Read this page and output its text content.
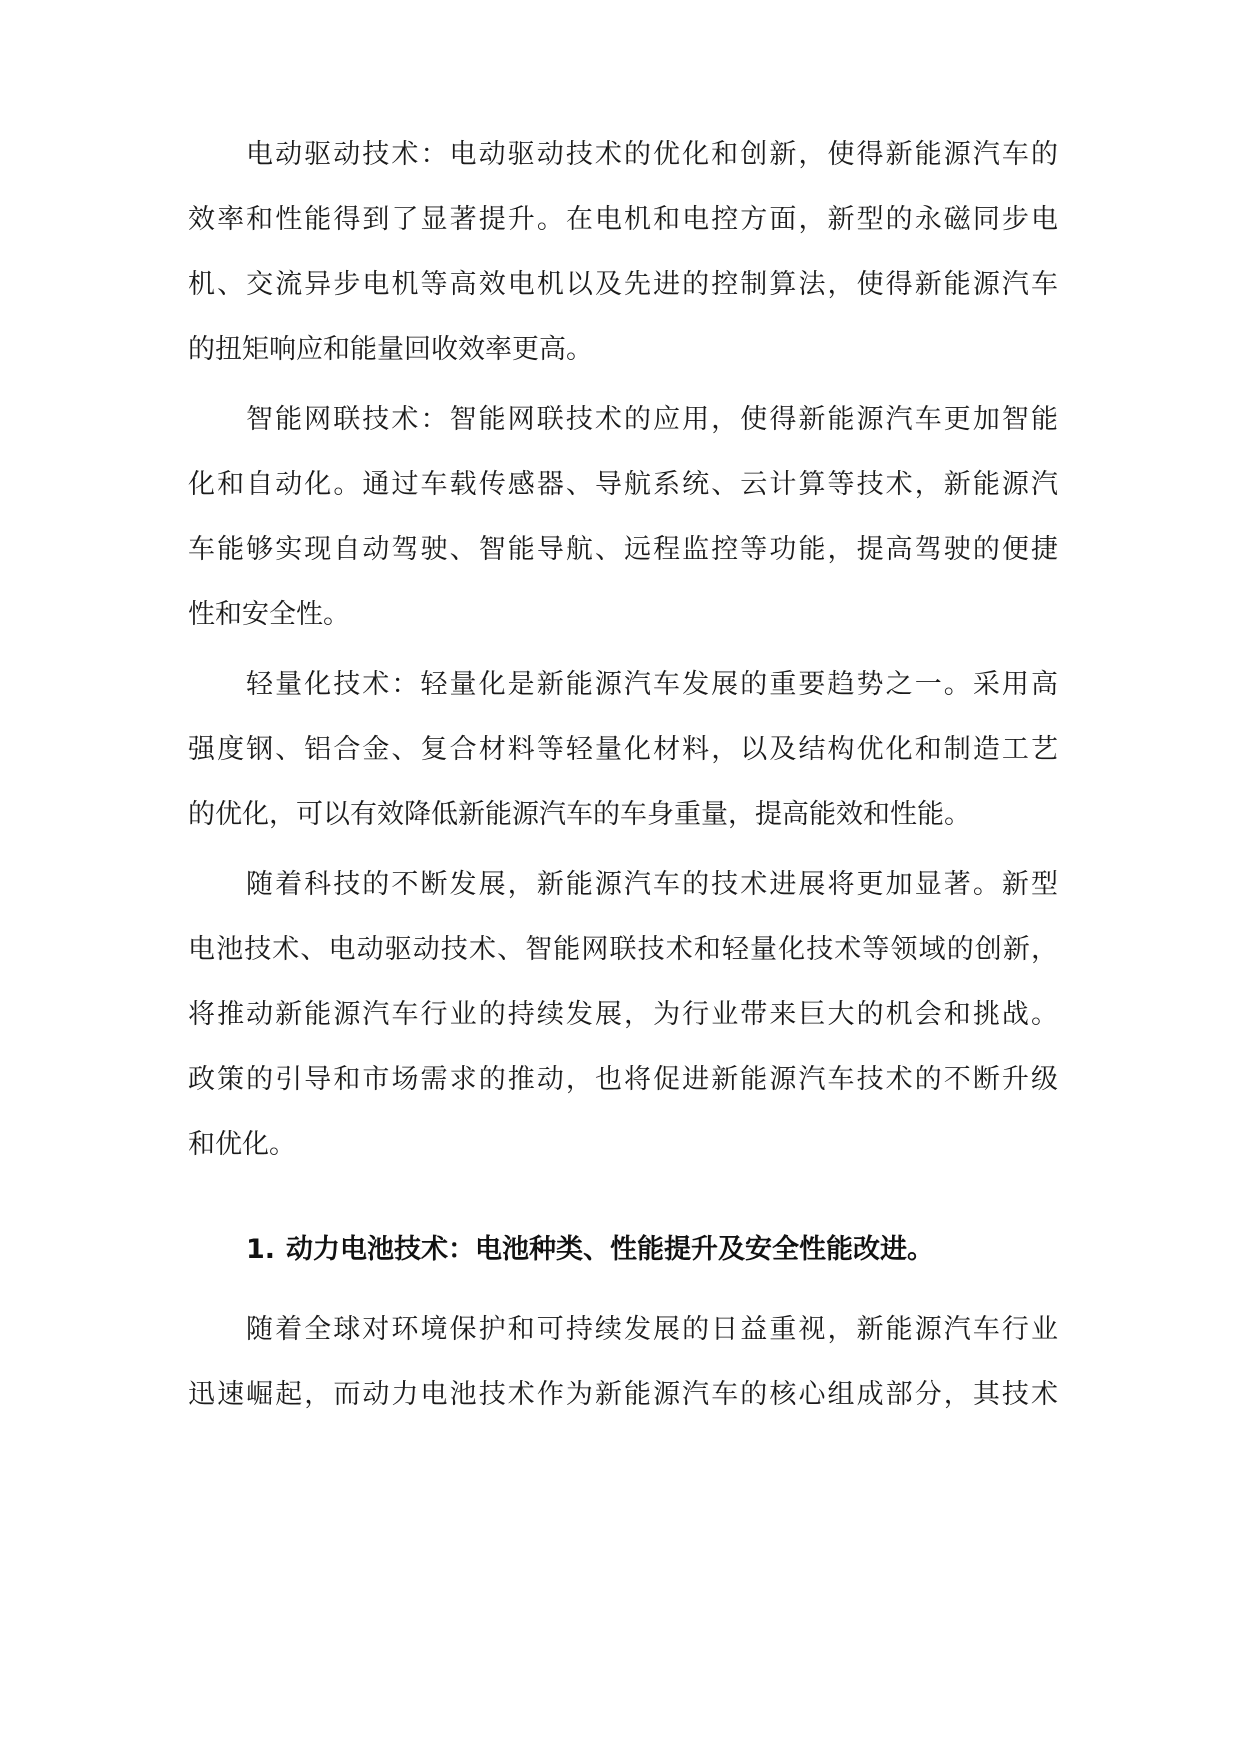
电动驱动技术：电动驱动技术的优化和创新，使得新能源汽车的
效率和性能得到了显著提升。在电机和电控方面，新型的永磁同步电
机、交流异步电机等高效电机以及先进的控制算法，使得新能源汽车
的扭矩响应和能量回收效率更高。
智能网联技术：智能网联技术的应用，使得新能源汽车更加智能
化和自动化。通过车载传感器、导航系统、云计算等技术，新能源汽
车能够实现自动驾驶、智能导航、远程监控等功能，提高驾驶的便捷
性和安全性。
轻量化技术：轻量化是新能源汽车发展的重要趋势之一。采用高
强度钢、铝合金、复合材料等轻量化材料，以及结构优化和制造工艺
的优化，可以有效降低新能源汽车的车身重量，提高能效和性能。
随着科技的不断发展，新能源汽车的技术进展将更加显著。新型
电池技术、电动驱动技术、智能网联技术和轻量化技术等领域的创新，
将推动新能源汽车行业的持续发展，为行业带来巨大的机会和挑战。
政策的引导和市场需求的推动，也将促进新能源汽车技术的不断升级
和优化。
1. 动力电池技术：电池种类、性能提升及安全性能改进。
随着全球对环境保护和可持续发展的日益重视，新能源汽车行业
迅速崛起，而动力电池技术作为新能源汽车的核心组成部分，其技术
